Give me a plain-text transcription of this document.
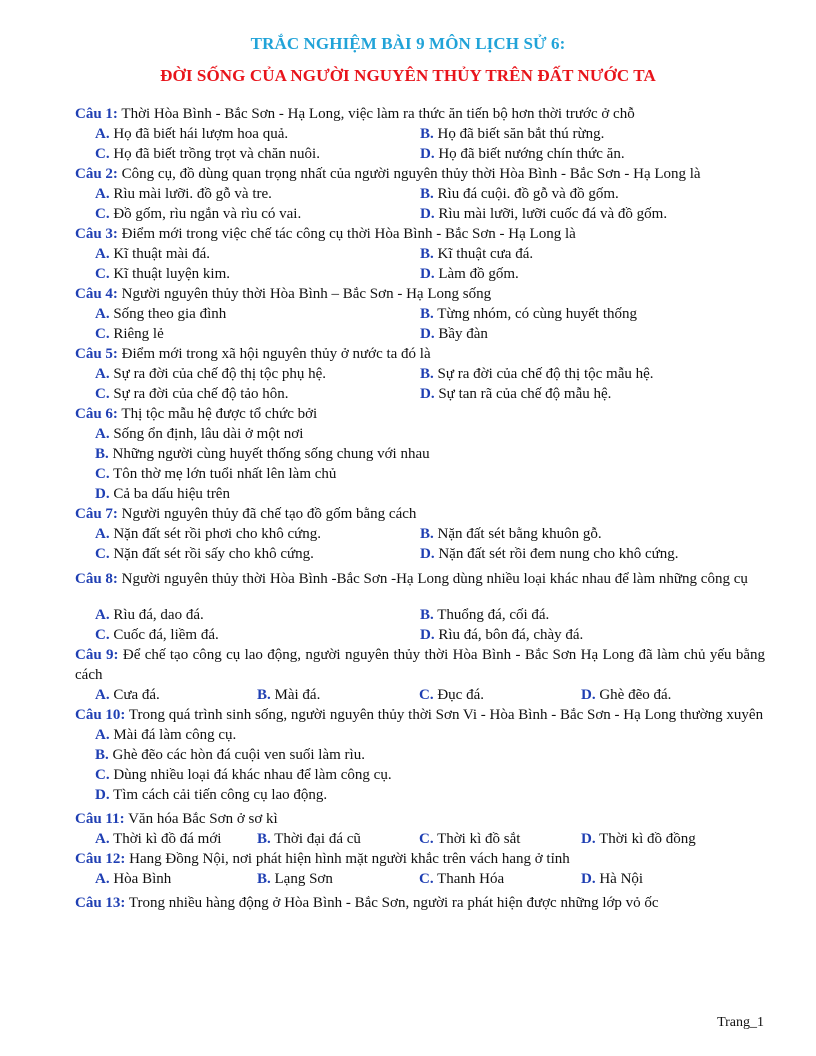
TRẮC NGHIỆM BÀI 9 MÔN LỊCH SỬ 6:
ĐỜI SỐNG CỦA NGƯỜI NGUYÊN THỦY TRÊN ĐẤT NƯỚC TA
Câu 1: Thời Hòa Bình - Bắc Sơn - Hạ Long, việc làm ra thức ăn tiến bộ hơn thời trước ở chỗ
A. Họ đã biết hái lượm hoa quả.	B. Họ đã biết săn bắt thú rừng.
C. Họ đã biết trồng trọt và chăn nuôi.	D. Họ đã biết nướng chín thức ăn.
Câu 2: Công cụ, đồ dùng quan trọng nhất của người nguyên thủy thời Hòa Bình - Bắc Sơn - Hạ Long là
A. Rìu mài lưỡi. đồ gỗ và tre.	B. Rìu đá cuội. đồ gỗ và đồ gốm.
C. Đồ gốm, rìu ngắn và rìu có vai.	D. Rìu mài lưỡi, lưỡi cuốc đá và đồ gốm.
Câu 3: Điểm mới trong việc chế tác công cụ thời Hòa Bình - Bắc Sơn - Hạ Long là
A. Kĩ thuật mài đá.	B. Kĩ thuật cưa đá.
C. Kĩ thuật luyện kim.	D. Làm đồ gốm.
Câu 4: Người nguyên thủy thời Hòa Bình – Bắc Sơn - Hạ Long sống
A. Sống theo gia đình	B. Từng nhóm, có cùng huyết thống
C. Riêng lẻ	D. Bầy đàn
Câu 5: Điểm mới trong xã hội nguyên thủy ở nước ta đó là
A. Sự ra đời của chế độ thị tộc phụ hệ.	B. Sự ra đời của chế độ thị tộc mẫu hệ.
C. Sự ra đời của chế độ tảo hôn.	D. Sự tan rã của chế độ mẫu hệ.
Câu 6: Thị tộc mẫu hệ được tổ chức bởi
A. Sống ổn định, lâu dài ở một nơi
B. Những người cùng huyết thống sống chung với nhau
C. Tôn thờ mẹ lớn tuổi nhất lên làm chủ
D. Cả ba dấu hiệu trên
Câu 7: Người nguyên thủy đã chế tạo đồ gốm bằng cách
A. Nặn đất sét rồi phơi cho khô cứng.	B. Nặn đất sét bằng khuôn gỗ.
C. Nặn đất sét rồi sấy cho khô cứng.	D. Nặn đất sét rồi đem nung cho khô cứng.
Câu 8: Người nguyên thủy thời Hòa Bình -Bắc Sơn -Hạ Long dùng nhiều loại khác nhau để làm những công cụ
A. Rìu đá, dao đá.	B. Thuổng đá, cối đá.
C. Cuốc đá, liềm đá.	D. Rìu đá, bôn đá, chày đá.
Câu 9: Để chế tạo công cụ lao động, người nguyên thủy thời Hòa Bình - Bắc Sơn Hạ Long đã làm chủ yếu bằng cách
A. Cưa đá.	B. Mài đá.	C. Đục đá.	D. Ghè đẽo đá.
Câu 10: Trong quá trình sinh sống, người nguyên thủy thời Sơn Vi - Hòa Bình - Bắc Sơn - Hạ Long thường xuyên
A. Mài đá làm công cụ.
B. Ghè đẽo các hòn đá cuội ven suối làm rìu.
C. Dùng nhiều loại đá khác nhau để làm công cụ.
D. Tìm cách cải tiến công cụ lao động.
Câu 11: Văn hóa Bắc Sơn ở sơ kì
A. Thời kì đồ đá mới	B. Thời đại đá cũ	C. Thời kì đồ sắt	D. Thời kì đồ đồng
Câu 12: Hang Đồng Nội, nơi phát hiện hình mặt người khắc trên vách hang ở tỉnh
A. Hòa Bình	B. Lạng Sơn	C. Thanh Hóa	D. Hà Nội
Câu 13: Trong nhiều hàng động ở Hòa Bình - Bắc Sơn, người ra phát hiện được những lớp vỏ ốc
Trang_1
